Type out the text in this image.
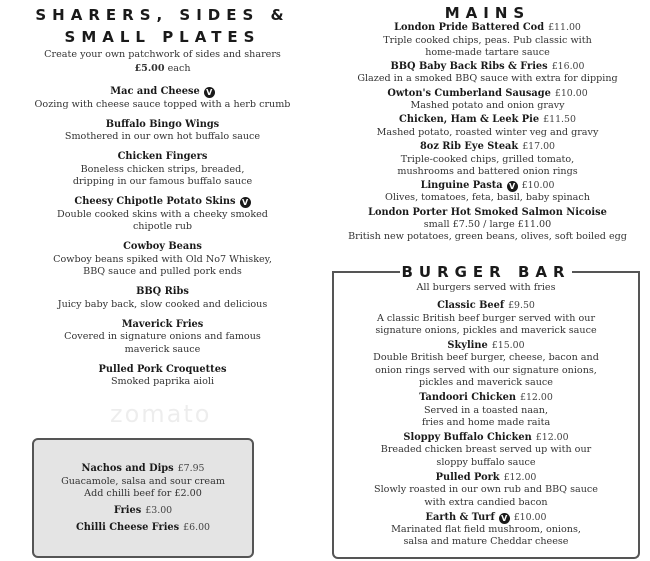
zomato
SHARERS, SIDES &
SMALL PLATES
Create your own patchwork of sides and sharers
£5.00 each
Mac and Cheese V
Oozing with cheese sauce topped with a herb crumb
Buffalo Bingo Wings
Smothered in our own hot buffalo sauce
Chicken Fingers
Boneless chicken strips, breaded,
dripping in our famous buffalo sauce
Cheesy Chipotle Potato Skins V
Double cooked skins with a cheeky smoked
chipotle rub
Cowboy Beans
Cowboy beans spiked with Old No7 Whiskey,
BBQ sauce and pulled pork ends
BBQ Ribs
Juicy baby back, slow cooked and delicious
Maverick Fries
Covered in signature onions and famous
maverick sauce
Pulled Pork Croquettes
Smoked paprika aioli
Nachos and Dips £7.95
Guacamole, salsa and sour cream
Add chilli beef for £2.00
Fries £3.00
Chilli Cheese Fries £6.00
MAINS
London Pride Battered Cod £11.00
Triple cooked chips, peas. Pub classic with
home-made tartare sauce
BBQ Baby Back Ribs & Fries £16.00
Glazed in a smoked BBQ sauce with extra for dipping
Owton's Cumberland Sausage £10.00
Mashed potato and onion gravy
Chicken, Ham & Leek Pie £11.50
Mashed potato, roasted winter veg and gravy
8oz Rib Eye Steak £17.00
Triple-cooked chips, grilled tomato,
mushrooms and battered onion rings
Linguine Pasta V £10.00
Olives, tomatoes, feta, basil, baby spinach
London Porter Hot Smoked Salmon Nicoise
small £7.50 / large £11.00
British new potatoes, green beans, olives, soft boiled egg
BURGER BAR
All burgers served with fries
Classic Beef £9.50
A classic British beef burger served with our
signature onions, pickles and maverick sauce
Skyline £15.00
Double British beef burger, cheese, bacon and
onion rings served with our signature onions,
pickles and maverick sauce
Tandoori Chicken £12.00
Served in a toasted naan,
fries and home made raita
Sloppy Buffalo Chicken £12.00
Breaded chicken breast served up with our
sloppy buffalo sauce
Pulled Pork £12.00
Slowly roasted in our own rub and BBQ sauce
with extra candied bacon
Earth & Turf V £10.00
Marinated flat field mushroom, onions,
salsa and mature Cheddar cheese
